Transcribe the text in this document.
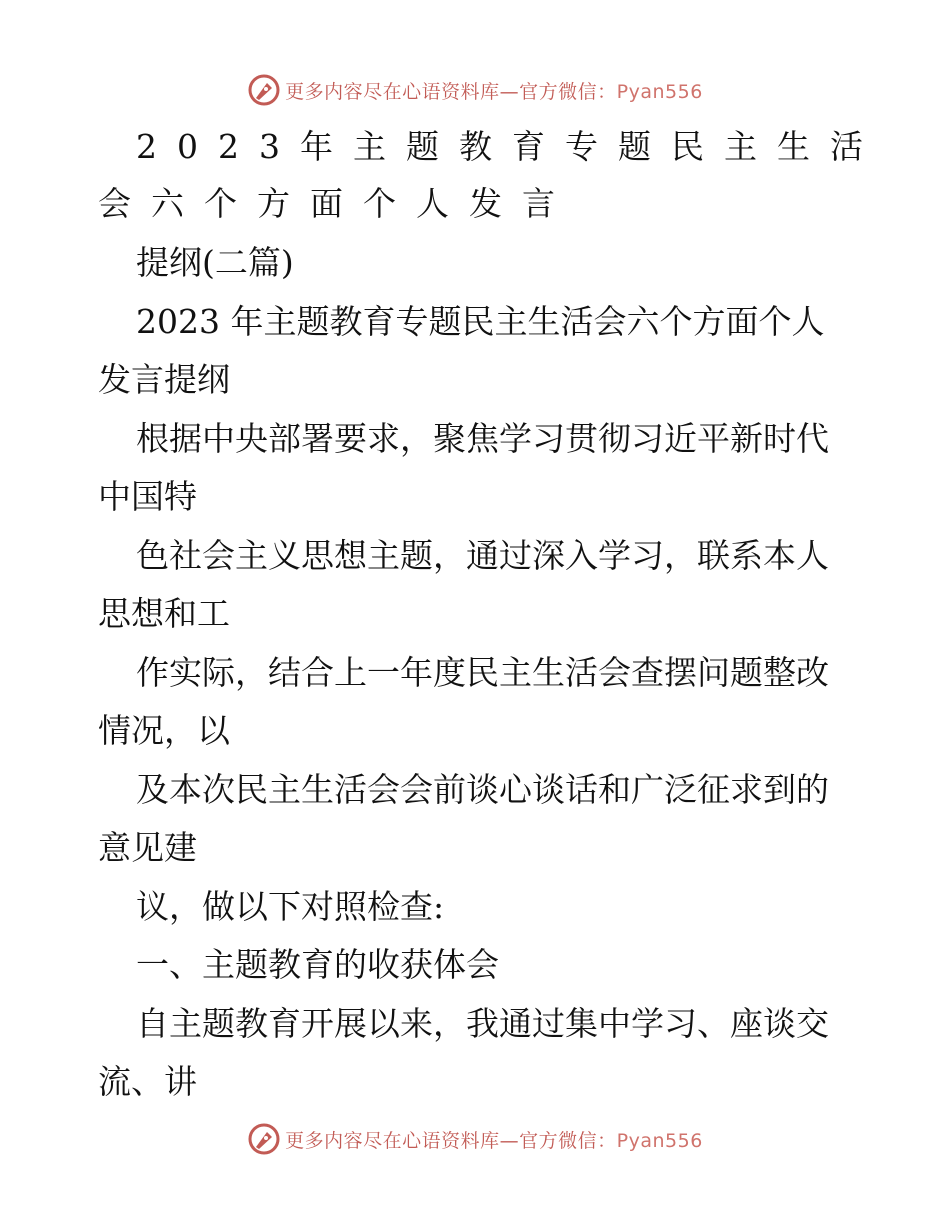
更多内容尽在心语资料库—官方微信：Pyan556
2023年主题教育专题民主生活
会六个方面个人发言
提纲(二篇)
2023 年主题教育专题民主生活会六个方面个人
发言提纲
根据中央部署要求，聚焦学习贯彻习近平新时代
中国特
色社会主义思想主题，通过深入学习，联系本人
思想和工
作实际，结合上一年度民主生活会查摆问题整改
情况，以
及本次民主生活会会前谈心谈话和广泛征求到的
意见建
议，做以下对照检查:
一、主题教育的收获体会
自主题教育开展以来，我通过集中学习、座谈交
流、讲
更多内容尽在心语资料库—官方微信：Pyan556
